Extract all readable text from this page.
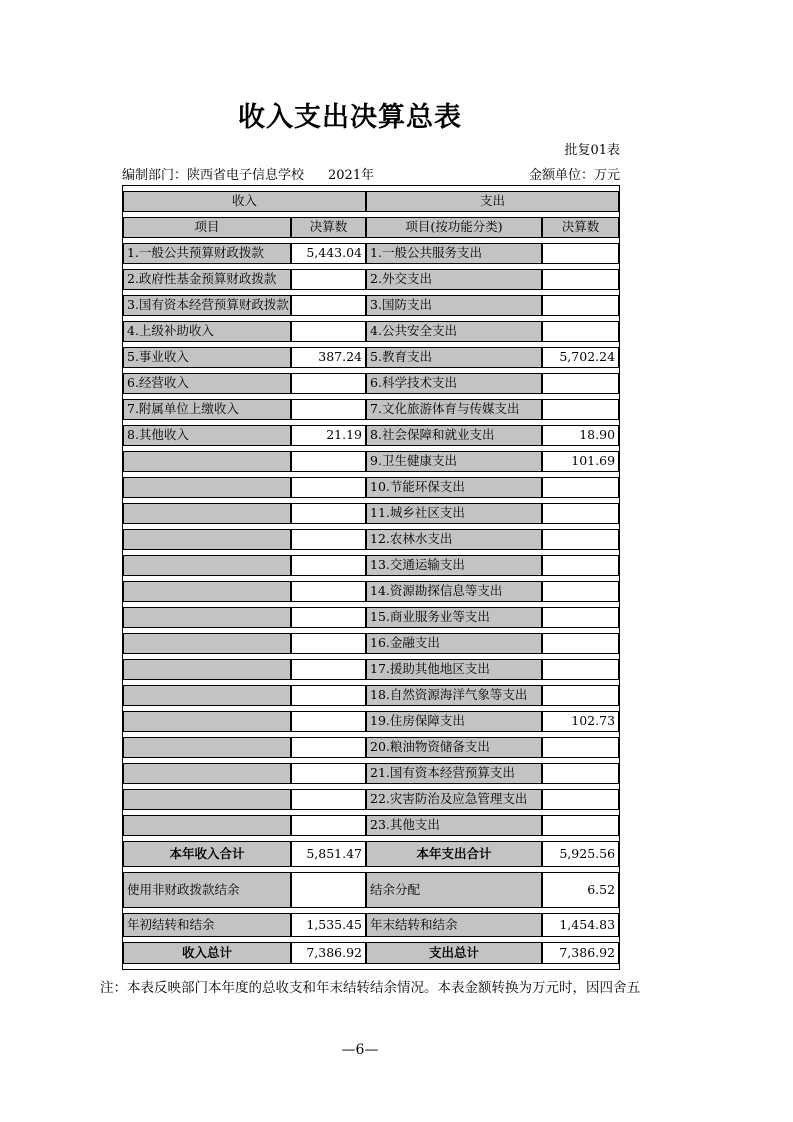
收入支出决算总表
批复01表
编制部门：陕西省电子信息学校 2021年	金额单位：万元
收入		支出	
项目	决算数	项目(按功能分类)	决算数
1.一般公共预算财政拨款	5,443.04	1.一般公共服务支出	
2.政府性基金预算财政拨款		2.外交支出	
3.国有资本经营预算财政拨款		3.国防支出	
4.上级补助收入		4.公共安全支出	
5.事业收入	387.24	5.教育支出	5,702.24
6.经营收入		6.科学技术支出	
7.附属单位上缴收入		7.文化旅游体育与传媒支出	
8.其他收入	21.19	8.社会保障和就业支出	18.90
		9.卫生健康支出	101.69
		10.节能环保支出	
		11.城乡社区支出	
		12.农林水支出	
		13.交通运输支出	
		14.资源勘探信息等支出	
		15.商业服务业等支出	
		16.金融支出	
		17.援助其他地区支出	
		18.自然资源海洋气象等支出	
		19.住房保障支出	102.73
		20.粮油物资储备支出	
		21.国有资本经营预算支出	
		22.灾害防治及应急管理支出	
		23.其他支出	
本年收入合计	5,851.47	本年支出合计	5,925.56
使用非财政拨款结余		结余分配	6.52
年初结转和结余	1,535.45	年末结转和结余	1,454.83
收入总计	7,386.92	支出总计	7,386.92
注：本表反映部门本年度的总收支和年末结转结余情况。本表金额转换为万元时，因四舍五
—6—
